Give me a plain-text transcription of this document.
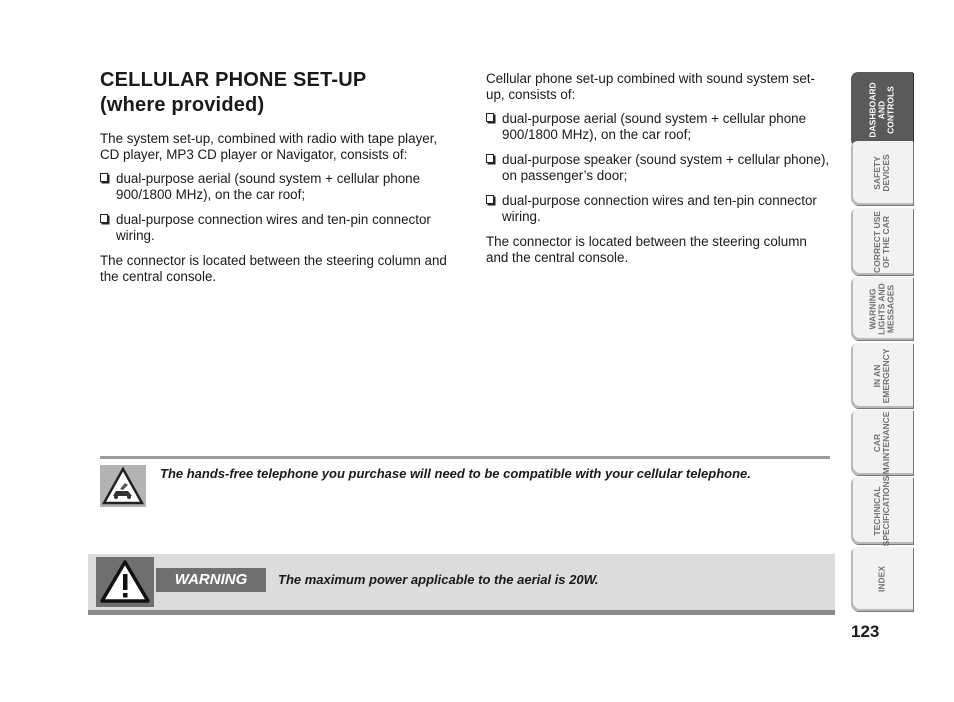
CELLULAR PHONE SET-UP
(where provided)

The system set-up, combined with radio with tape player, CD player, MP3 CD player or Navigator, consists of:

dual-purpose aerial (sound system + cellular phone 900/1800 MHz), on the car roof;
dual-purpose connection wires and ten-pin connector wiring.

The connector is located between the steering column and the central console.

Cellular phone set-up combined with sound system set-up, consists of:

dual-purpose aerial (sound system + cellular phone 900/1800 MHz), on the car roof;
dual-purpose speaker (sound system + cellular phone), on passenger’s door;
dual-purpose connection wires and ten-pin connector wiring.

The connector is located between the steering column and the central console.

The hands-free telephone you purchase will need to be compatible with your cellular telephone.
WARNING	The maximum power applicable to the aerial is 20W.
DASHBOARD
AND
CONTROLS
SAFETY
DEVICES
CORRECT USE
OF THE CAR
WARNING
LIGHTS AND
MESSAGES
IN AN
EMERGENCY
CAR
MAINTENANCE
TECHNICAL
SPECIFICATIONS
INDEX
123
